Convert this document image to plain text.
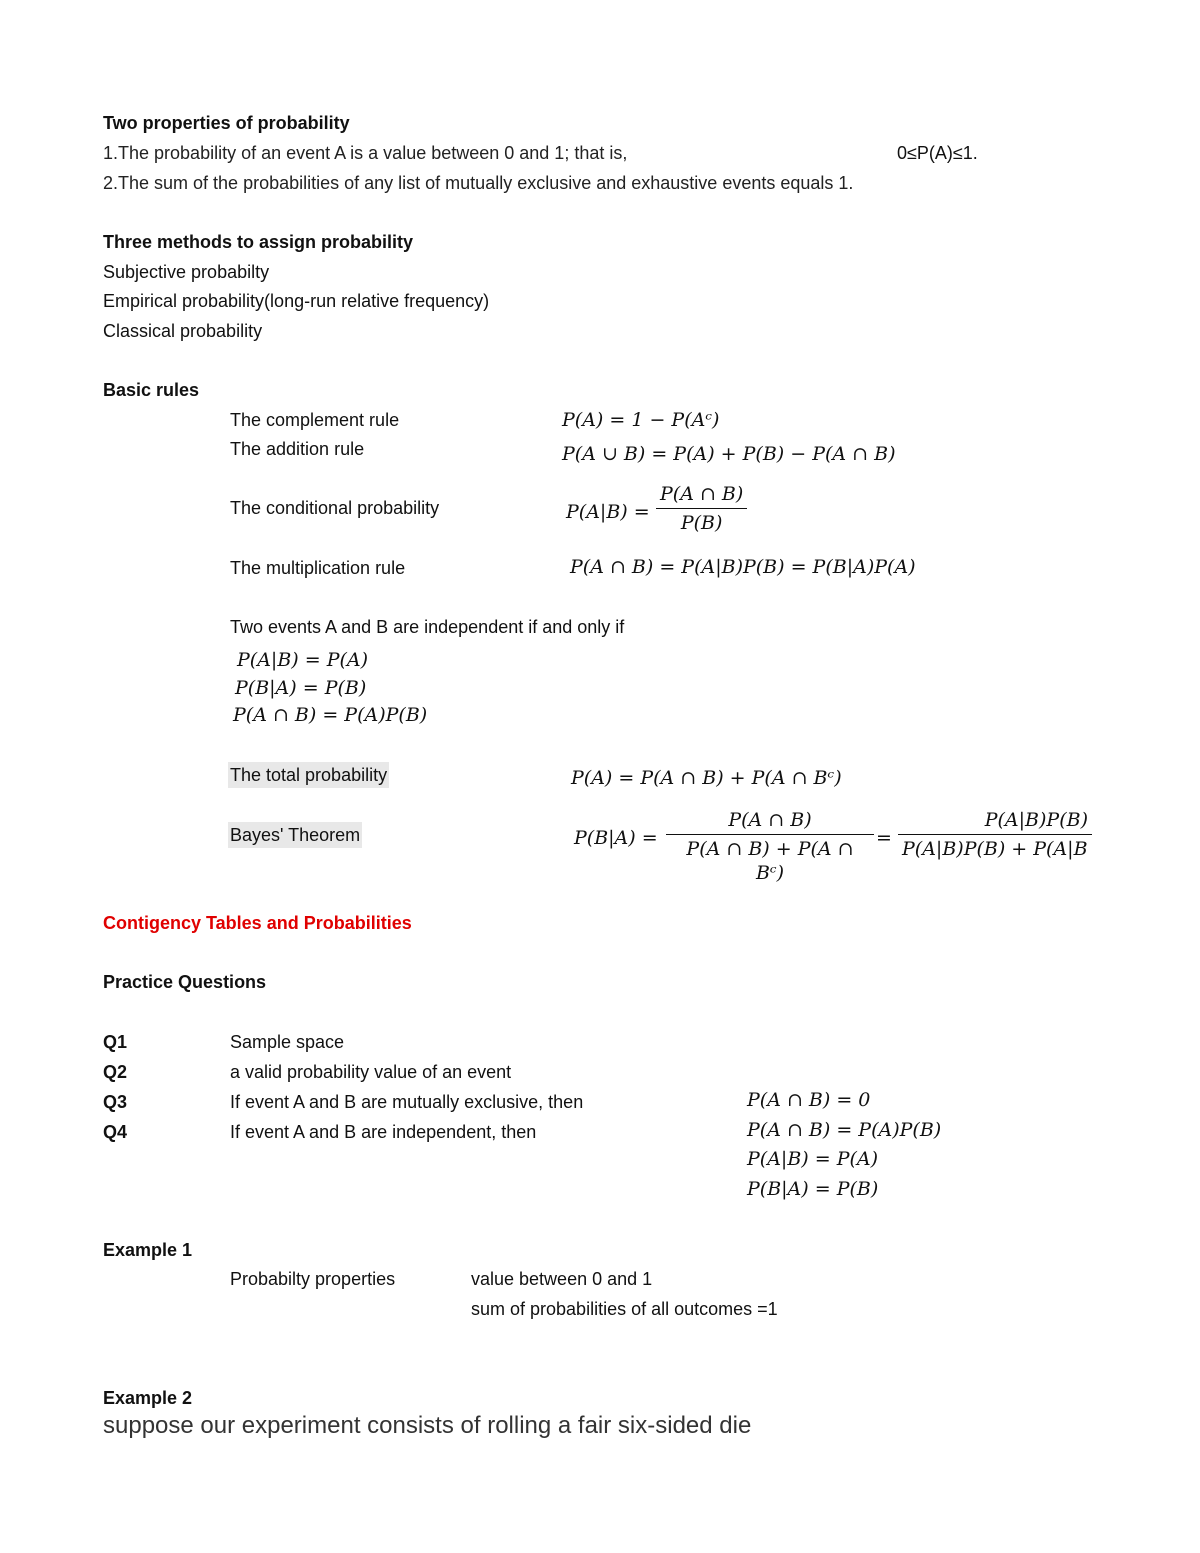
Two properties of probability
1.The probability of an event A is a value between 0 and 1; that is,	0≤P(A)≤1.
2.The sum of the probabilities of any list of mutually exclusive and exhaustive events equals 1.
Three methods to assign probability
Subjective probabilty
Empirical probability(long-run relative frequency)
Classical probability
Basic rules
The complement rule	P(A) = 1 − P(Aᶜ)
The addition rule	P(A ∪ B) = P(A) + P(B) − P(A ∩ B)
The conditional probability	$P(A|B) = \frac{P(A \cap B)}{P(B)}$
The multiplication rule	P(A ∩ B) = P(A|B)P(B) = P(B|A)P(A)
Two events A and B are independent if and only if
P(A|B) = P(A)
P(B|A) = P(B)
P(A ∩ B) = P(A)P(B)
The total probability	P(A) = P(A ∩ B) + P(A ∩ Bᶜ)
Bayes' Theorem	$P(B|A) = \frac{P(A \cap B)}{\text{P(A ∩ B) + P(A ∩ Bᶜ)}} = \frac{P(A|B)P(B)}{P(A|B)P(B) + P(A|B}$
Contigency Tables and Probabilities
Practice Questions
Q1	Sample space
Q2	a valid probability value of an event
Q3	If event A and B are mutually exclusive, then	P(A ∩ B) = 0
Q4	If event A and B are independent, then	P(A ∩ B) = P(A)P(B)
P(A|B) = P(A)
P(B|A) = P(B)
Example 1
Probabilty properties	value between 0 and 1
sum of probabilities of all outcomes =1
Example 2
suppose our experiment consists of rolling a fair six-sided die
